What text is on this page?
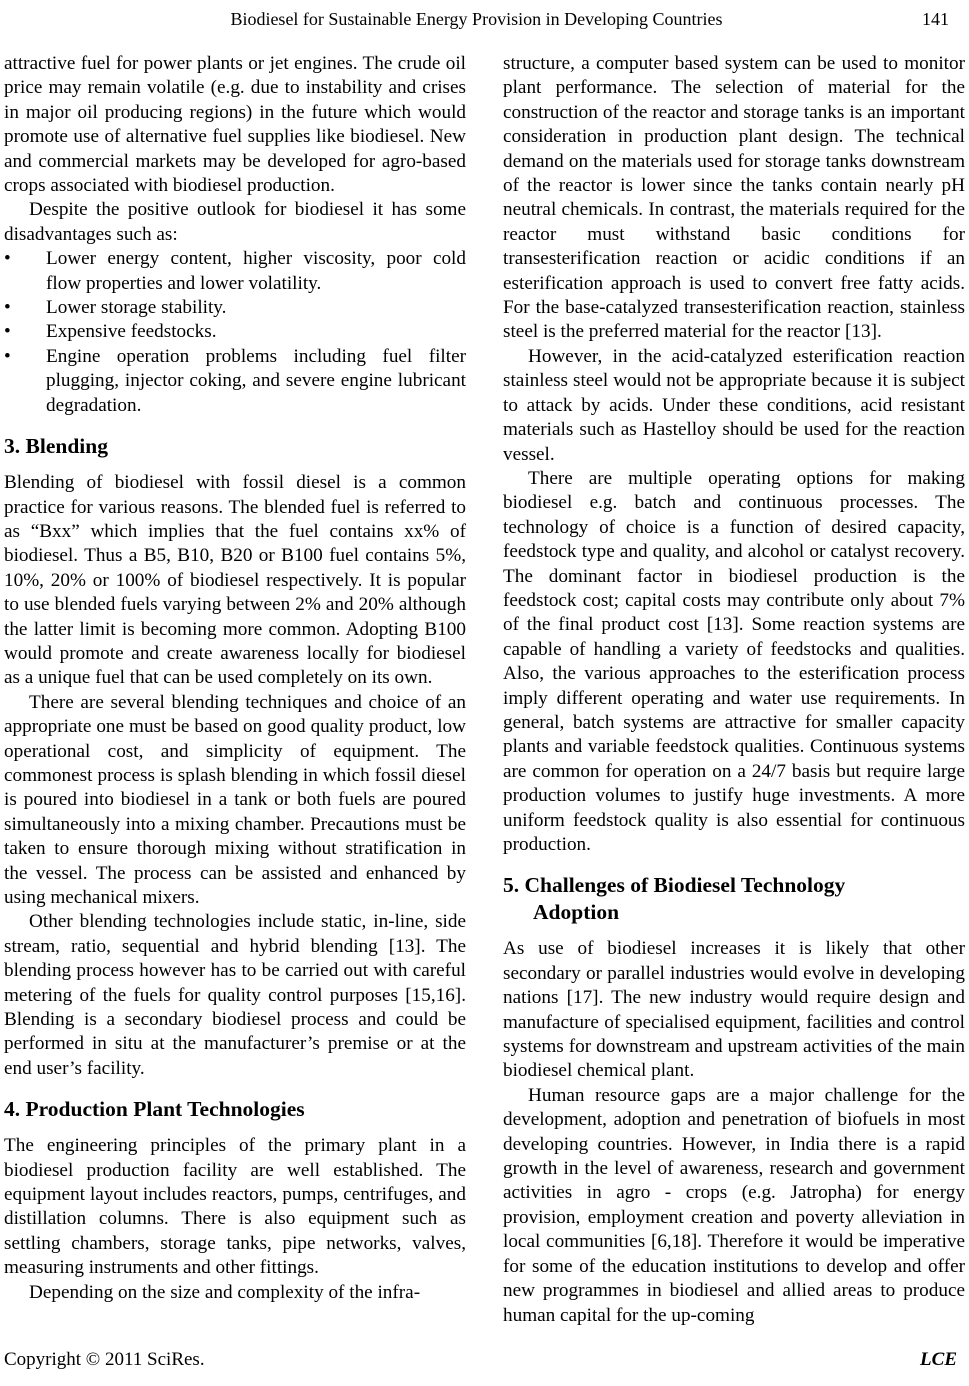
Biodiesel for Sustainable Energy Provision in Developing Countries	141

attractive fuel for power plants or jet engines. The crude oil price may remain volatile (e.g. due to instability and crises in major oil producing regions) in the future which would promote use of alternative fuel supplies like biodiesel. New and commercial markets may be developed for agro-based crops associated with biodiesel production.

Despite the positive outlook for biodiesel it has some disadvantages such as:

•	Lower energy content, higher viscosity, poor cold flow properties and lower volatility.
•	Lower storage stability.
•	Expensive feedstocks.
•	Engine operation problems including fuel filter plugging, injector coking, and severe engine lubricant degradation.
3. Blending

Blending of biodiesel with fossil diesel is a common practice for various reasons. The blended fuel is referred to as “Bxx” which implies that the fuel contains xx% of biodiesel. Thus a B5, B10, B20 or B100 fuel contains 5%, 10%, 20% or 100% of biodiesel respectively. It is popular to use blended fuels varying between 2% and 20% although the latter limit is becoming more common. Adopting B100 would promote and create awareness locally for biodiesel as a unique fuel that can be used completely on its own.

There are several blending techniques and choice of an appropriate one must be based on good quality product, low operational cost, and simplicity of equipment. The commonest process is splash blending in which fossil diesel is poured into biodiesel in a tank or both fuels are poured simultaneously into a mixing chamber. Precautions must be taken to ensure thorough mixing without stratification in the vessel. The process can be assisted and enhanced by using mechanical mixers.

Other blending technologies include static, in-line, side stream, ratio, sequential and hybrid blending [13]. The blending process however has to be carried out with careful metering of the fuels for quality control purposes [15,16]. Blending is a secondary biodiesel process and could be performed in situ at the manufacturer’s premise or at the end user’s facility.

4. Production Plant Technologies

The engineering principles of the primary plant in a biodiesel production facility are well established. The equipment layout includes reactors, pumps, centrifuges, and distillation columns. There is also equipment such as settling chambers, storage tanks, pipe networks, valves, measuring instruments and other fittings.

Depending on the size and complexity of the infra-

structure, a computer based system can be used to monitor plant performance. The selection of material for the construction of the reactor and storage tanks is an important consideration in production plant design. The technical demand on the materials used for storage tanks downstream of the reactor is lower since the tanks contain nearly pH neutral chemicals. In contrast, the materials required for the reactor must withstand basic conditions for transesterification reaction or acidic conditions if an esterification approach is used to convert free fatty acids. For the base-catalyzed transesterification reaction, stainless steel is the preferred material for the reactor [13].

However, in the acid-catalyzed esterification reaction stainless steel would not be appropriate because it is subject to attack by acids. Under these conditions, acid resistant materials such as Hastelloy should be used for the reaction vessel.

There are multiple operating options for making biodiesel e.g. batch and continuous processes. The technology of choice is a function of desired capacity, feedstock type and quality, and alcohol or catalyst recovery. The dominant factor in biodiesel production is the feedstock cost; capital costs may contribute only about 7% of the final product cost [13]. Some reaction systems are capable of handling a variety of feedstocks and qualities. Also, the various approaches to the esterification process imply different operating and water use requirements. In general, batch systems are attractive for smaller capacity plants and variable feedstock qualities. Continuous systems are common for operation on a 24/7 basis but require large production volumes to justify huge investments. A more uniform feedstock quality is also essential for continuous production.

5. Challenges of Biodiesel Technology
Adoption

As use of biodiesel increases it is likely that other secondary or parallel industries would evolve in developing nations [17]. The new industry would require design and manufacture of specialised equipment, facilities and control systems for downstream and upstream activities of the main biodiesel chemical plant.

Human resource gaps are a major challenge for the development, adoption and penetration of biofuels in most developing countries. However, in India there is a rapid growth in the level of awareness, research and government activities in agro - crops (e.g. Jatropha) for energy provision, employment creation and poverty alleviation in local communities [6,18]. Therefore it would be imperative for some of the education institutions to develop and offer new programmes in biodiesel and allied areas to produce human capital for the up-coming

Copyright © 2011 SciRes.	LCE
